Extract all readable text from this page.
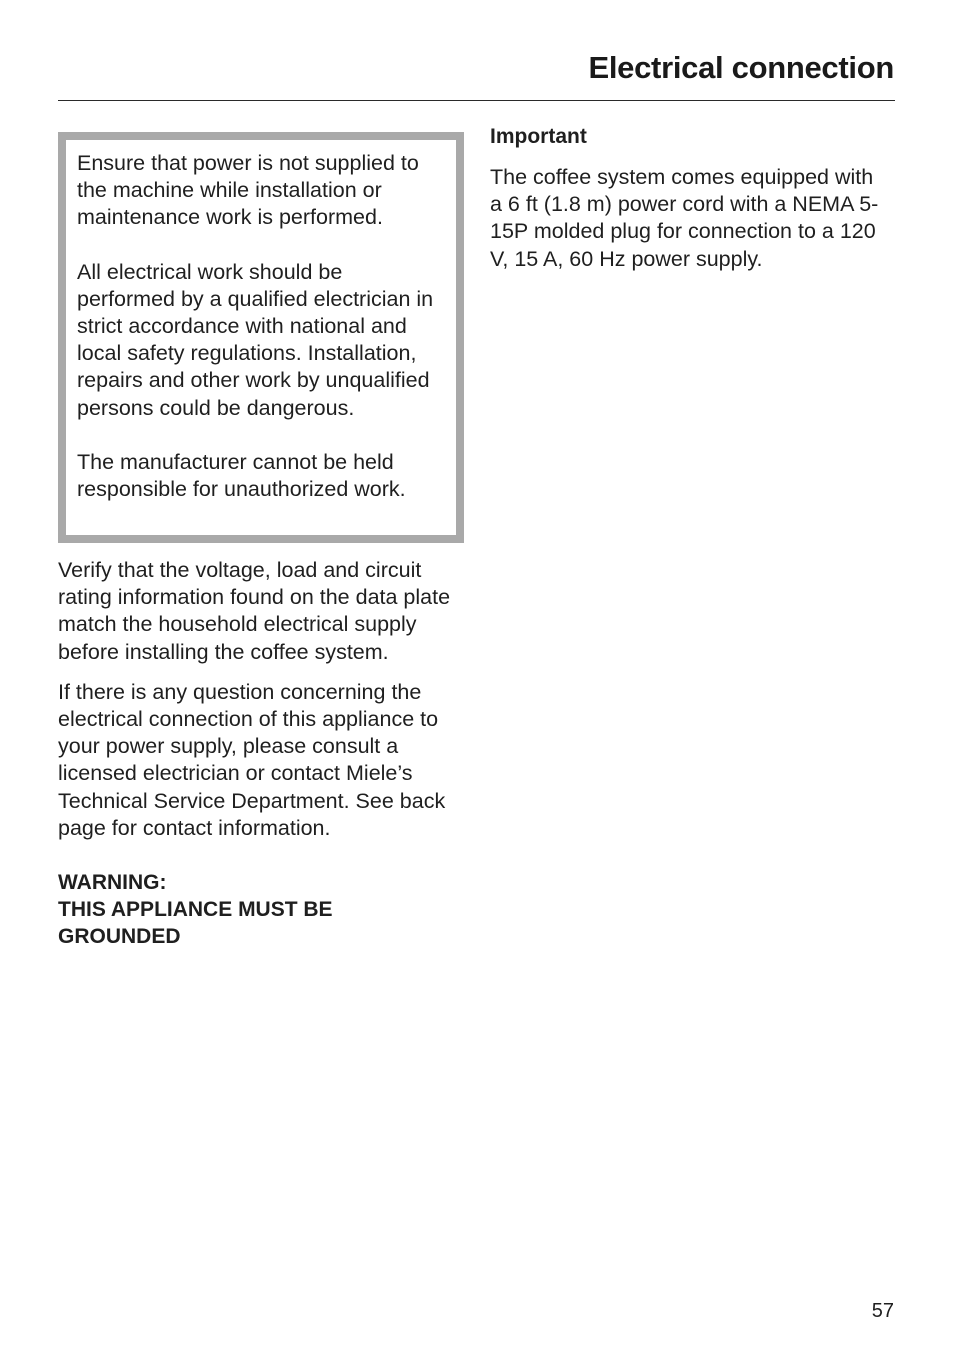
Electrical connection

Ensure that power is not supplied to the machine while installation or maintenance work is performed.

All electrical work should be performed by a qualified electrician in strict accordance with national and local safety regulations. Installation, repairs and other work by unqualified persons could be dangerous.

The manufacturer cannot be held responsible for unauthorized work.

Verify that the voltage, load and circuit rating information found on the data plate match the household electrical supply before installing the coffee system.

If there is any question concerning the electrical connection of this appliance to your power supply, please consult a licensed electrician or contact Miele’s Technical Service Department. See back page for contact information.

WARNING:
THIS APPLIANCE MUST BE GROUNDED

Important

The coffee system comes equipped with a 6 ft (1.8 m) power cord with a NEMA 5-15P molded plug for connection to a 120 V, 15 A, 60 Hz power supply.

57
